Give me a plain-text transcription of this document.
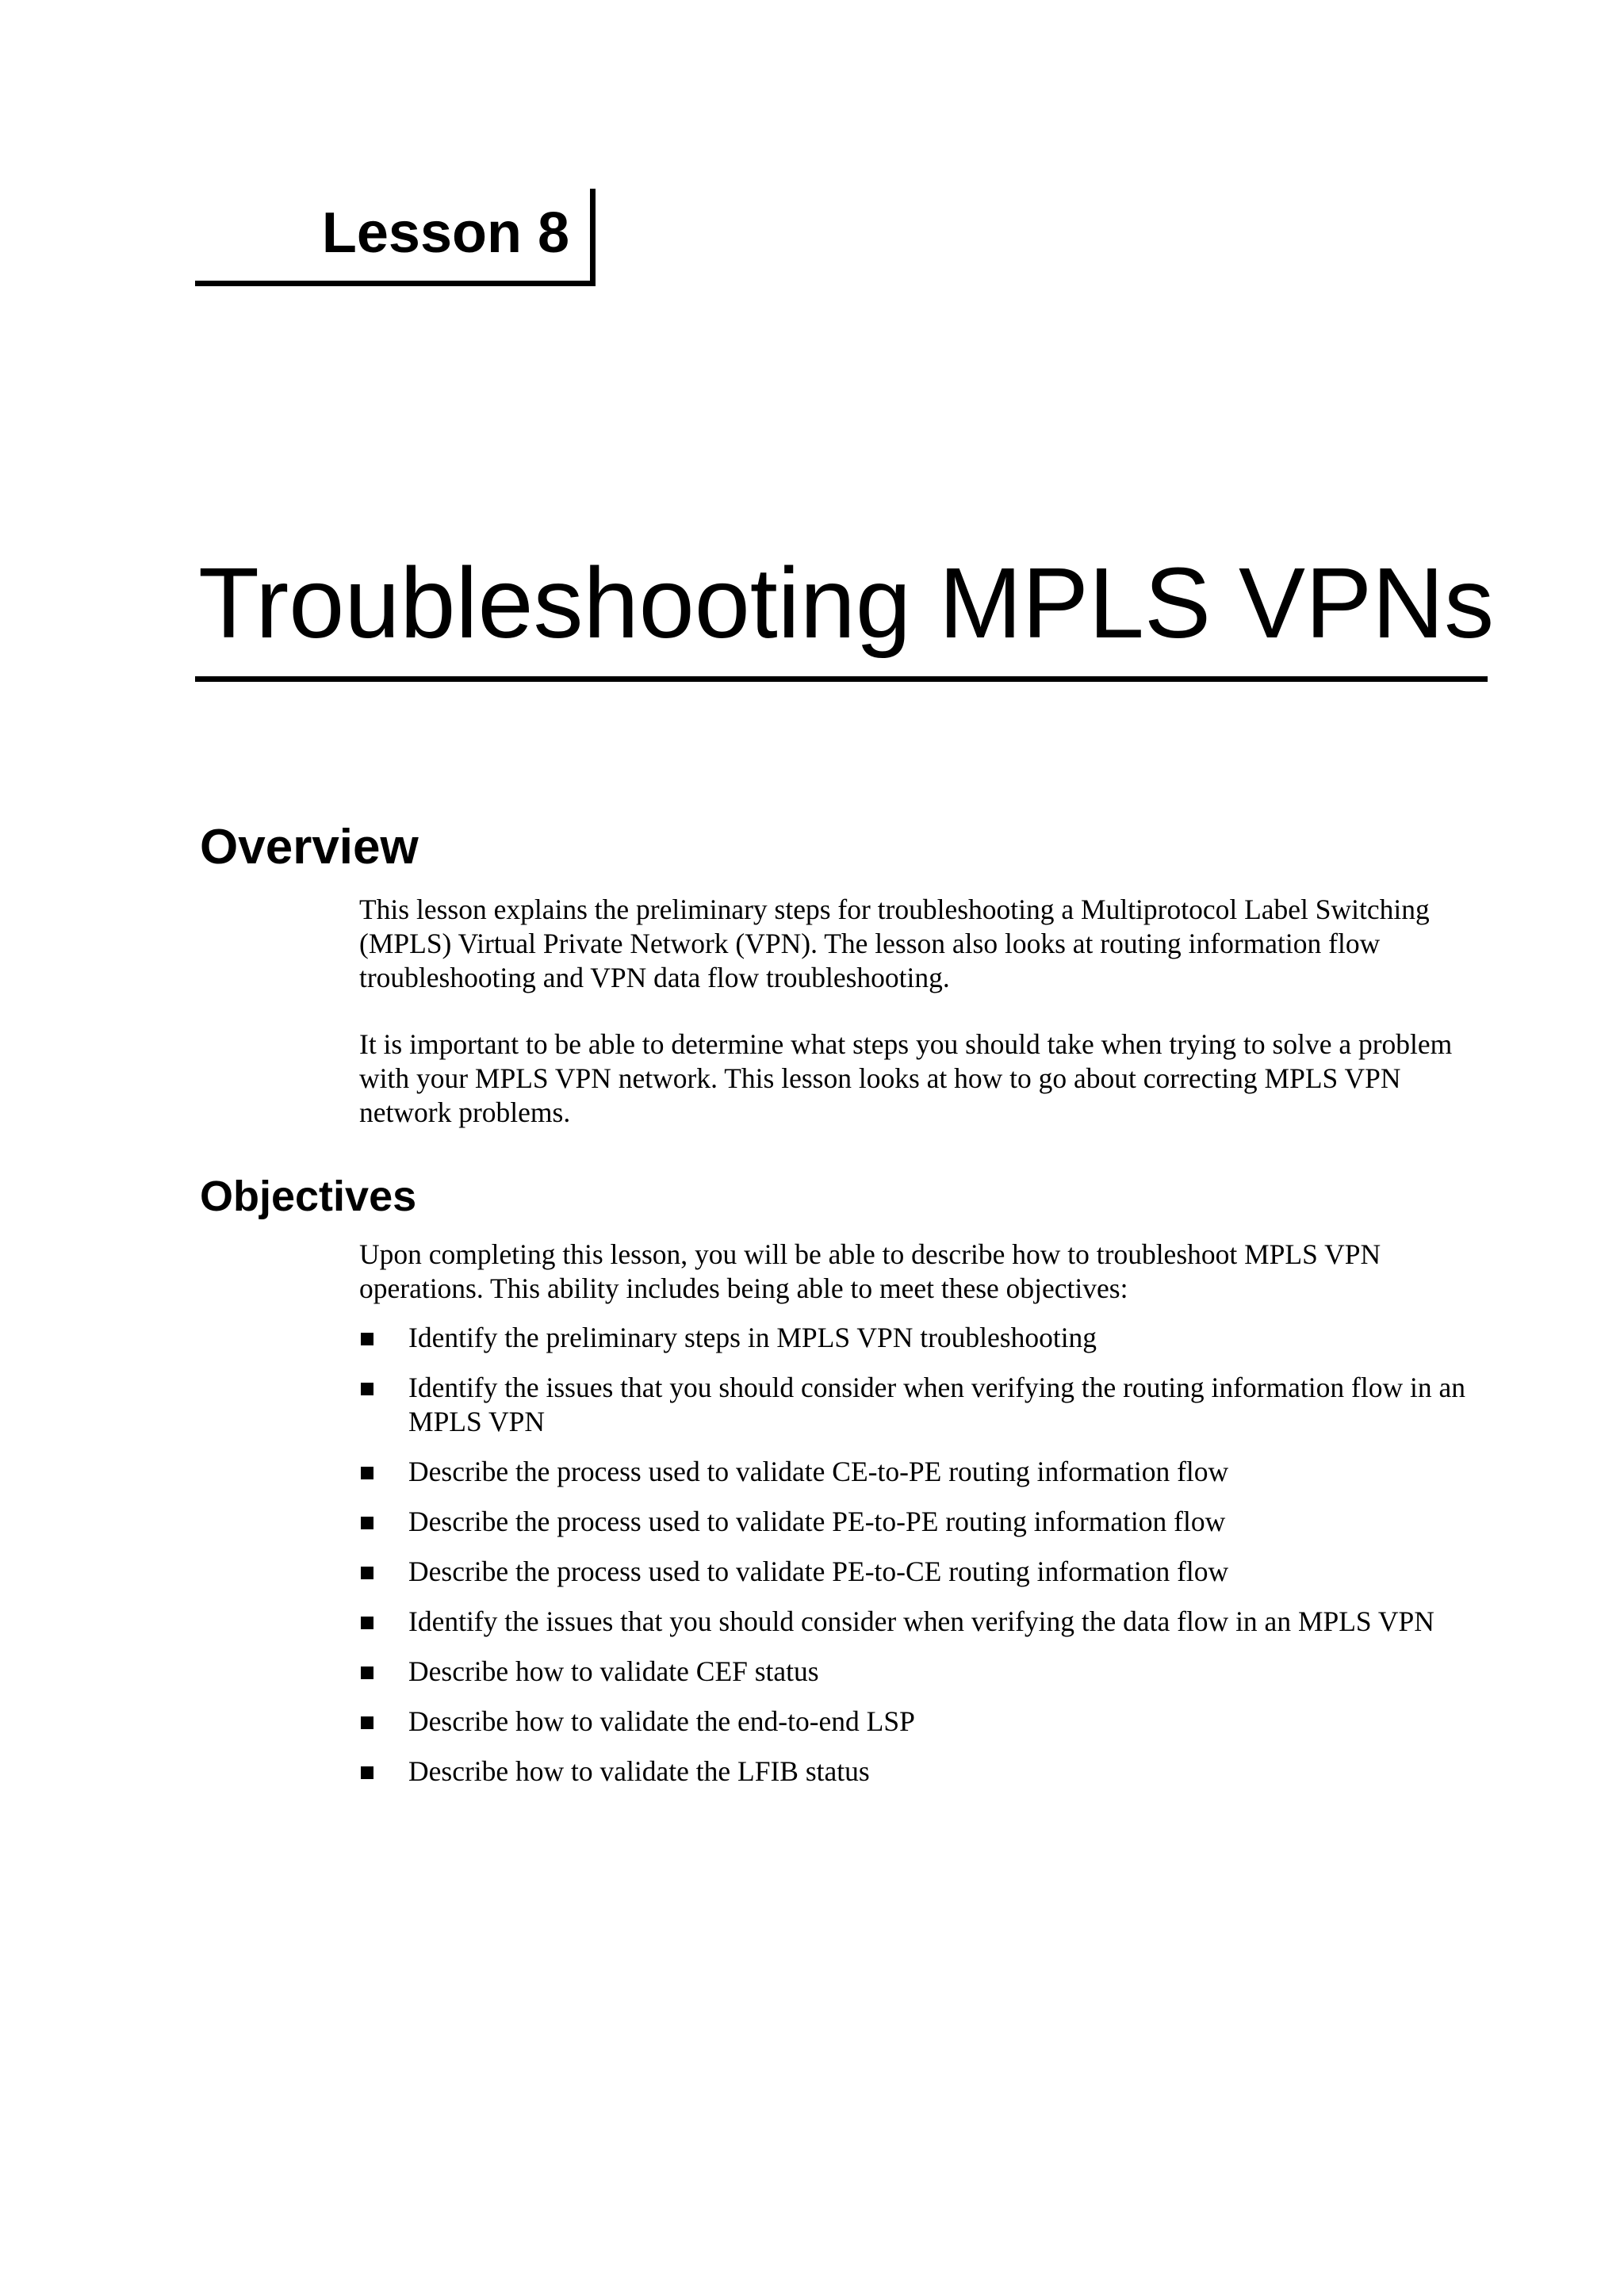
Lesson 8
Troubleshooting MPLS VPNs
Overview

This lesson explains the preliminary steps for troubleshooting a Multiprotocol Label Switching (MPLS) Virtual Private Network (VPN). The lesson also looks at routing information flow troubleshooting and VPN data flow troubleshooting.

It is important to be able to determine what steps you should take when trying to solve a problem with your MPLS VPN network. This lesson looks at how to go about correcting MPLS VPN network problems.

Objectives

Upon completing this lesson, you will be able to describe how to troubleshoot MPLS VPN operations. This ability includes being able to meet these objectives:

Identify the preliminary steps in MPLS VPN troubleshooting
Identify the issues that you should consider when verifying the routing information flow in an MPLS VPN
Describe the process used to validate CE-to-PE routing information flow
Describe the process used to validate PE-to-PE routing information flow
Describe the process used to validate PE-to-CE routing information flow
Identify the issues that you should consider when verifying the data flow in an MPLS VPN
Describe how to validate CEF status
Describe how to validate the end-to-end LSP
Describe how to validate the LFIB status
